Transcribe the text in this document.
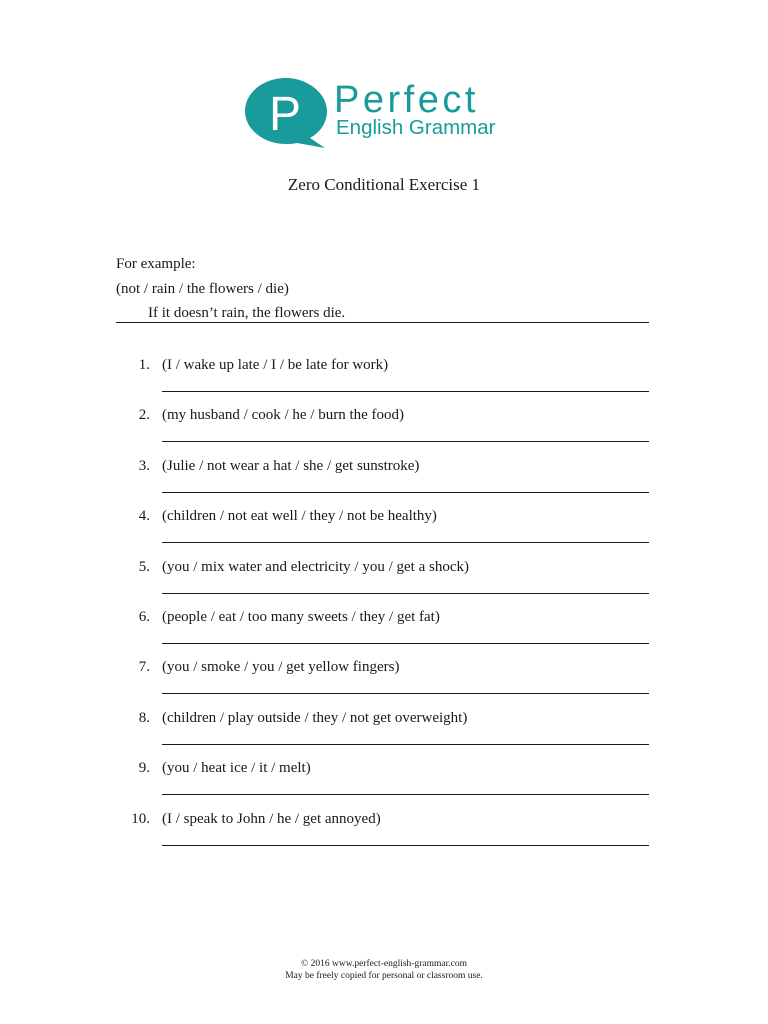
P Perfect
English Grammar
Zero Conditional Exercise 1
For example:
(not / rain / the flowers / die)
If it doesn’t rain, the flowers die.
1. (I / wake up late / I / be late for work)
2. (my husband / cook / he / burn the food)
3. (Julie / not wear a hat / she / get sunstroke)
4. (children / not eat well / they / not be healthy)
5. (you / mix water and electricity / you / get a shock)
6. (people / eat / too many sweets / they / get fat)
7. (you / smoke / you / get yellow fingers)
8. (children / play outside / they / not get overweight)
9. (you / heat ice / it / melt)
10. (I / speak to John / he / get annoyed)
© 2016 www.perfect-english-grammar.com
May be freely copied for personal or classroom use.
